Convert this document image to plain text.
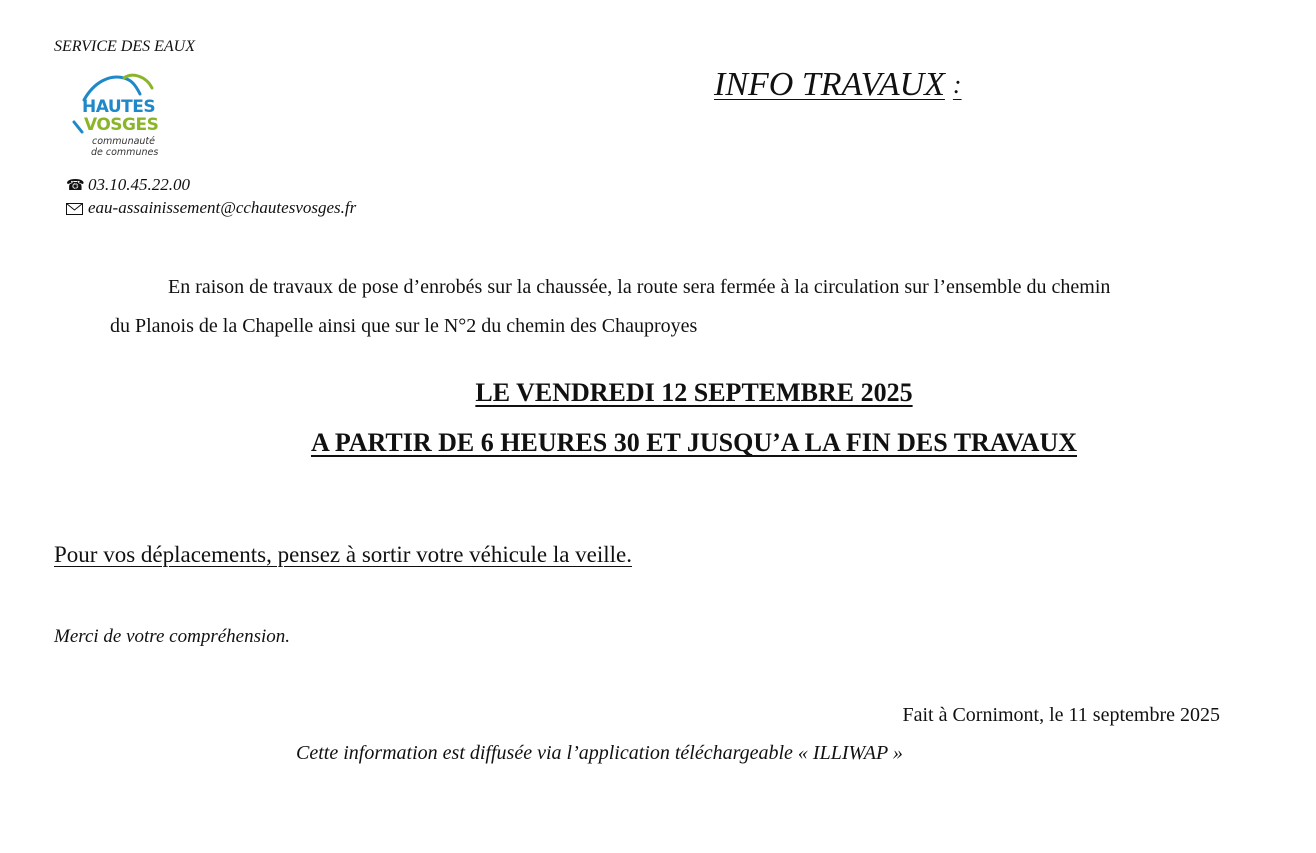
SERVICE DES EAUX
HAUTES
VOSGES
communauté
de communes
INFO TRAVAUX :
☎ 03.10.45.22.00
eau-assainissement@cchautesvosges.fr
En raison de travaux de pose d’enrobés sur la chaussée, la route sera fermée à la circulation sur l’ensemble du chemin
du Planois de la Chapelle ainsi que sur le N°2 du chemin des Chauproyes
LE VENDREDI 12 SEPTEMBRE 2025
A PARTIR DE 6 HEURES 30 ET JUSQU’A LA FIN DES TRAVAUX
Pour vos déplacements, pensez à sortir votre véhicule la veille.
Merci de votre compréhension.
Fait à Cornimont, le 11 septembre 2025
Cette information est diffusée via l’application téléchargeable « ILLIWAP »
